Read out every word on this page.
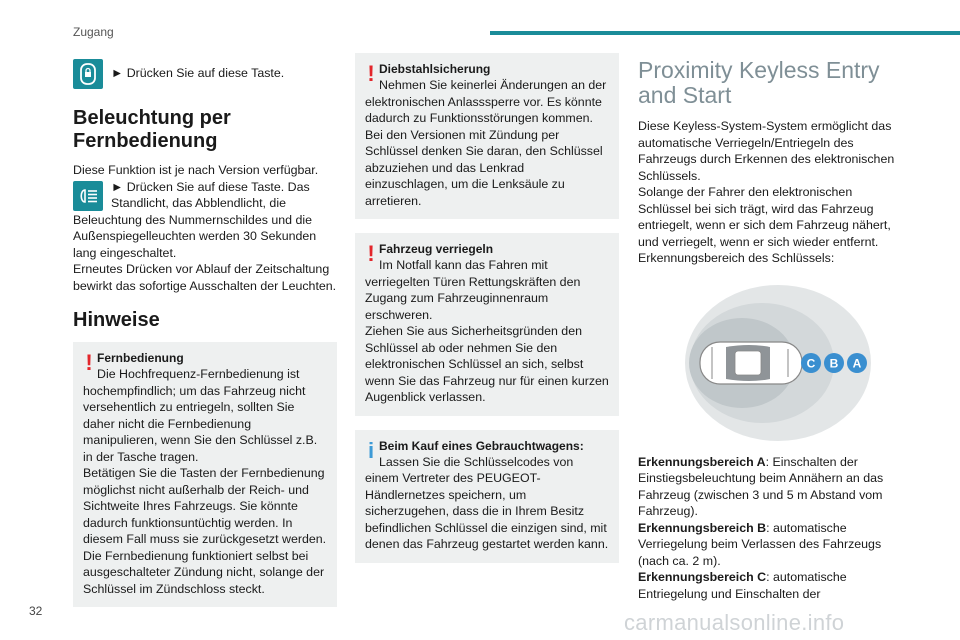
Zugang
► Drücken Sie auf diese Taste.
Beleuchtung per Fernbedienung
Diese Funktion ist je nach Version verfügbar.
► Drücken Sie auf diese Taste. Das Standlicht, das Abblendlicht, die Beleuchtung des Nummernschildes und die Außenspiegelleuchten werden 30 Sekunden lang eingeschaltet.
Erneutes Drücken vor Ablauf der Zeitschaltung bewirkt das sofortige Ausschalten der Leuchten.
Hinweise
! Fernbedienung
Die Hochfrequenz-Fernbedienung ist hochempfindlich; um das Fahrzeug nicht versehentlich zu entriegeln, sollten Sie daher nicht die Fernbedienung manipulieren, wenn Sie den Schlüssel z.B. in der Tasche tragen.
Betätigen Sie die Tasten der Fernbedienung möglichst nicht außerhalb der Reich- und Sichtweite Ihres Fahrzeugs. Sie könnte dadurch funktionsuntüchtig werden. In diesem Fall muss sie zurückgesetzt werden.
Die Fernbedienung funktioniert selbst bei ausgeschalteter Zündung nicht, solange der Schlüssel im Zündschloss steckt.
! Diebstahlsicherung
Nehmen Sie keinerlei Änderungen an der elektronischen Anlasssperre vor. Es könnte dadurch zu Funktionsstörungen kommen.
Bei den Versionen mit Zündung per Schlüssel denken Sie daran, den Schlüssel abzuziehen und das Lenkrad einzuschlagen, um die Lenksäule zu arretieren.
! Fahrzeug verriegeln
Im Notfall kann das Fahren mit verriegelten Türen Rettungskräften den Zugang zum Fahrzeuginnenraum erschweren.
Ziehen Sie aus Sicherheitsgründen den Schlüssel ab oder nehmen Sie den elektronischen Schlüssel an sich, selbst wenn Sie das Fahrzeug nur für einen kurzen Augenblick verlassen.
i Beim Kauf eines Gebrauchtwagens:
Lassen Sie die Schlüsselcodes von einem Vertreter des PEUGEOT-Händlernetzes speichern, um sicherzugehen, dass die in Ihrem Besitz befindlichen Schlüssel die einzigen sind, mit denen das Fahrzeug gestartet werden kann.
Proximity Keyless Entry and Start
Diese Keyless-System-System ermöglicht das automatische Verriegeln/Entriegeln des Fahrzeugs durch Erkennen des elektronischen Schlüssels.
Solange der Fahrer den elektronischen Schlüssel bei sich trägt, wird das Fahrzeug entriegelt, wenn er sich dem Fahrzeug nähert, und verriegelt, wenn er sich wieder entfernt.
Erkennungsbereich des Schlüssels:
C B A
Erkennungsbereich A: Einschalten der Einstiegsbeleuchtung beim Annähern an das Fahrzeug (zwischen 3 und 5 m Abstand vom Fahrzeug).
Erkennungsbereich B: automatische Verriegelung beim Verlassen des Fahrzeugs (nach ca. 2 m).
Erkennungsbereich C: automatische Entriegelung und Einschalten der
32	carmanualsonline.info
